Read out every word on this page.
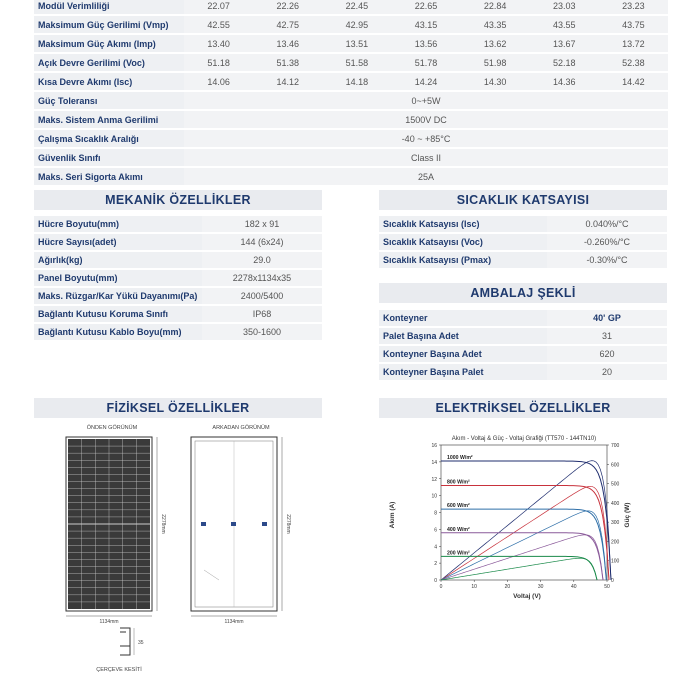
Modül Verimliliği	22.07	22.26	22.45	22.65	22.84	23.03	23.23
Maksimum Güç Gerilimi (Vmp)	42.55	42.75	42.95	43.15	43.35	43.55	43.75
Maksimum Güç Akımı (Imp)	13.40	13.46	13.51	13.56	13.62	13.67	13.72
Açık Devre Gerilimi (Voc)	51.18	51.38	51.58	51.78	51.98	52.18	52.38
Kısa Devre Akımı (Isc)	14.06	14.12	14.18	14.24	14.30	14.36	14.42
Güç Toleransı	0~+5W						
Maks. Sistem Anma Gerilimi	1500V DC						
Çalışma Sıcaklık Aralığı	-40 ~ +85°C						
Güvenlik Sınıfı	Class II						
Maks. Seri Sigorta Akımı	25A						
MEKANİK ÖZELLİKLER
Hücre Boyutu(mm)	182 x 91
Hücre Sayısı(adet)	144 (6x24)
Ağırlık(kg)	29.0
Panel Boyutu(mm)	2278x1134x35
Maks. Rüzgar/Kar Yükü Dayanımı(Pa)	2400/5400
Bağlantı Kutusu Koruma Sınıfı	IP68
Bağlantı Kutusu Kablo Boyu(mm)	350-1600
SICAKLIK KATSAYISI
Sıcaklık Katsayısı (Isc)	0.040%/°C
Sıcaklık Katsayısı (Voc)	-0.260%/°C
Sıcaklık Katsayısı (Pmax)	-0.30%/°C
AMBALAJ ŞEKLİ
Konteyner	40' GP
Palet Başına Adet	31
Konteyner Başına Adet	620
Konteyner Başına Palet	20
FİZİKSEL ÖZELLİKLER
ÖNDEN GÖRÜNÜM	ARKADAN GÖRÜNÜM
1134mm
2278mm
1134mm
2278mm
35
ÇERÇEVE KESİTİ
ELEKTRİKSEL ÖZELLİKLER
Akım - Voltaj & Güç - Voltaj Grafiği (TT570 - 144TN10)
Voltaj (V)
Akım (A)	Güç (W)
0
2
4
6
8
10
12
14
16
0	10	20	30	40	50
0
100
200
300
400
500
600
700
1000 W/m²
800 W/m²
600 W/m²
400 W/m²
200 W/m²
